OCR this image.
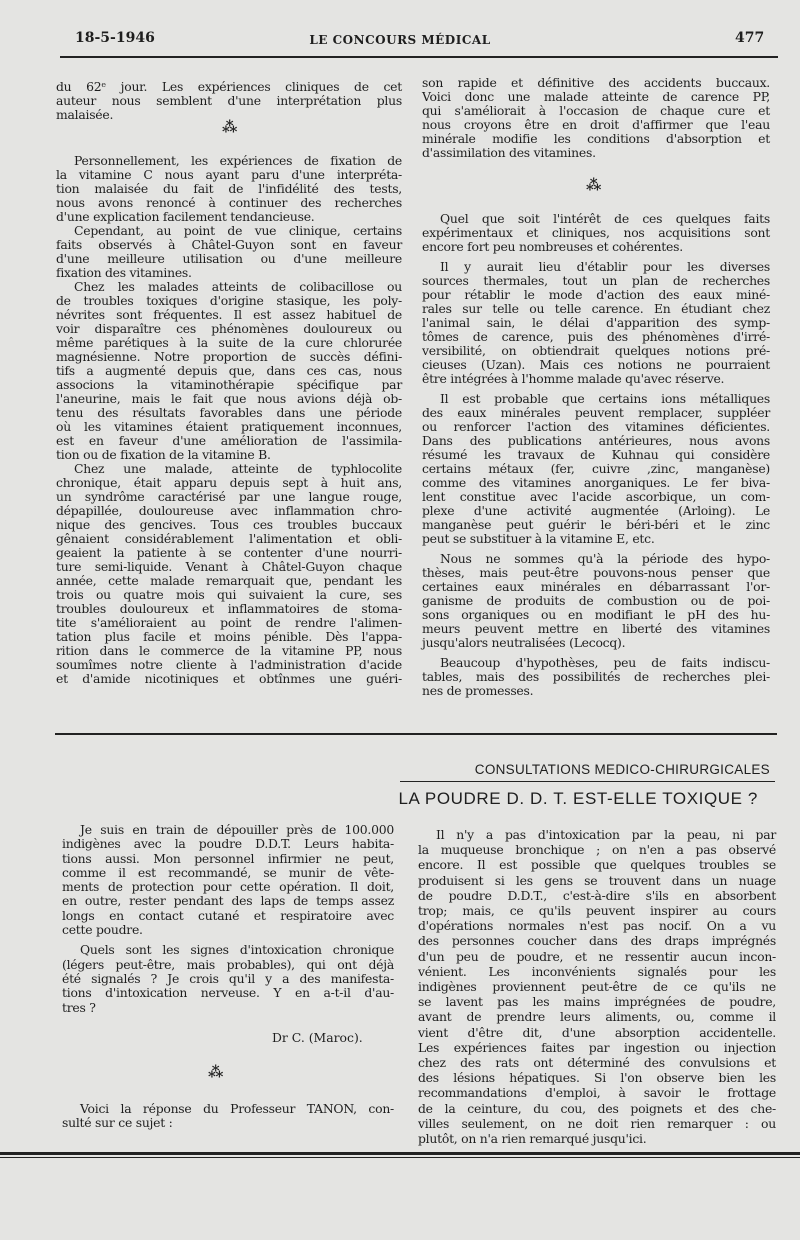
18-5-1946	LE CONCOURS MÉDICAL	477
du 62ᵉ jour. Les expériences cliniques de cet
auteur nous semblent d'une interprétation plus
malaisée.
⁂
Personnellement, les expériences de fixation de
la vitamine C nous ayant paru d'une interpréta-
tion malaisée du fait de l'infidélité des tests,
nous avons renoncé à continuer des recherches
d'une explication facilement tendancieuse.
Cependant, au point de vue clinique, certains
faits observés à Châtel-Guyon sont en faveur
d'une meilleure utilisation ou d'une meilleure
fixation des vitamines.
Chez les malades atteints de colibacillose ou
de troubles toxiques d'origine stasique, les poly-
névrites sont fréquentes. Il est assez habituel de
voir disparaître ces phénomènes douloureux ou
même parétiques à la suite de la cure chlorurée
magnésienne. Notre proportion de succès défini-
tifs a augmenté depuis que, dans ces cas, nous
associons la vitaminothérapie spécifique par
l'aneurine, mais le fait que nous avions déjà ob-
tenu des résultats favorables dans une période
où les vitamines étaient pratiquement inconnues,
est en faveur d'une amélioration de l'assimila-
tion ou de fixation de la vitamine B.
Chez une malade, atteinte de typhlocolite
chronique, était apparu depuis sept à huit ans,
un syndrôme caractérisé par une langue rouge,
dépapillée, douloureuse avec inflammation chro-
nique des gencives. Tous ces troubles buccaux
gênaient considérablement l'alimentation et obli-
geaient la patiente à se contenter d'une nourri-
ture semi-liquide. Venant à Châtel-Guyon chaque
année, cette malade remarquait que, pendant les
trois ou quatre mois qui suivaient la cure, ses
troubles douloureux et inflammatoires de stoma-
tite s'amélioraient au point de rendre l'alimen-
tation plus facile et moins pénible. Dès l'appa-
rition dans le commerce de la vitamine PP, nous
soumîmes notre cliente à l'administration d'acide
et d'amide nicotiniques et obtînmes une guéri-
son rapide et définitive des accidents buccaux.
Voici donc une malade atteinte de carence PP,
qui s'améliorait à l'occasion de chaque cure et
nous croyons être en droit d'affirmer que l'eau
minérale modifie les conditions d'absorption et
d'assimilation des vitamines.
⁂
Quel que soit l'intérêt de ces quelques faits
expérimentaux et cliniques, nos acquisitions sont
encore fort peu nombreuses et cohérentes.
Il y aurait lieu d'établir pour les diverses
sources thermales, tout un plan de recherches
pour rétablir le mode d'action des eaux miné-
rales sur telle ou telle carence. En étudiant chez
l'animal sain, le délai d'apparition des symp-
tômes de carence, puis des phénomènes d'irré-
versibilité, on obtiendrait quelques notions pré-
cieuses (Uzan). Mais ces notions ne pourraient
être intégrées à l'homme malade qu'avec réserve.
Il est probable que certains ions métalliques
des eaux minérales peuvent remplacer, suppléer
ou renforcer l'action des vitamines déficientes.
Dans des publications antérieures, nous avons
résumé les travaux de Kuhnau qui considère
certains métaux (fer, cuivre ,zinc, manganèse)
comme des vitamines anorganiques. Le fer biva-
lent constitue avec l'acide ascorbique, un com-
plexe d'une activité augmentée (Arloing). Le
manganèse peut guérir le béri-béri et le zinc
peut se substituer à la vitamine E, etc.
Nous ne sommes qu'à la période des hypo-
thèses, mais peut-être pouvons-nous penser que
certaines eaux minérales en débarrassant l'or-
ganisme de produits de combustion ou de poi-
sons organiques ou en modifiant le pH des hu-
meurs peuvent mettre en liberté des vitamines
jusqu'alors neutralisées (Lecocq).
Beaucoup d'hypothèses, peu de faits indiscu-
tables, mais des possibilités de recherches plei-
nes de promesses.
CONSULTATIONS MEDICO-CHIRURGICALES
LA POUDRE D. D. T. EST-ELLE TOXIQUE ?
Je suis en train de dépouiller près de 100.000
indigènes avec la poudre D.D.T. Leurs habita-
tions aussi. Mon personnel infirmier ne peut,
comme il est recommandé, se munir de vête-
ments de protection pour cette opération. Il doit,
en outre, rester pendant des laps de temps assez
longs en contact cutané et respiratoire avec
cette poudre.
Quels sont les signes d'intoxication chronique
(légers peut-être, mais probables), qui ont déjà
été signalés ? Je crois qu'il y a des manifesta-
tions d'intoxication nerveuse. Y en a-t-il d'au-
tres ?
Dr C. (Maroc).
⁂
Voici la réponse du Professeur TANON, con-
sulté sur ce sujet :
Il n'y a pas d'intoxication par la peau, ni par
la muqueuse bronchique ; on n'en a pas observé
encore. Il est possible que quelques troubles se
produisent si les gens se trouvent dans un nuage
de poudre D.D.T., c'est-à-dire s'ils en absorbent
trop; mais, ce qu'ils peuvent inspirer au cours
d'opérations normales n'est pas nocif. On a vu
des personnes coucher dans des draps imprégnés
d'un peu de poudre, et ne ressentir aucun incon-
vénient. Les inconvénients signalés pour les
indigènes proviennent peut-être de ce qu'ils ne
se lavent pas les mains imprégnées de poudre,
avant de prendre leurs aliments, ou, comme il
vient d'être dit, d'une absorption accidentelle.
Les expériences faites par ingestion ou injection
chez des rats ont déterminé des convulsions et
des lésions hépatiques. Si l'on observe bien les
recommandations d'emploi, à savoir le frottage
de la ceinture, du cou, des poignets et des che-
villes seulement, on ne doit rien remarquer : ou
plutôt, on n'a rien remarqué jusqu'ici.
